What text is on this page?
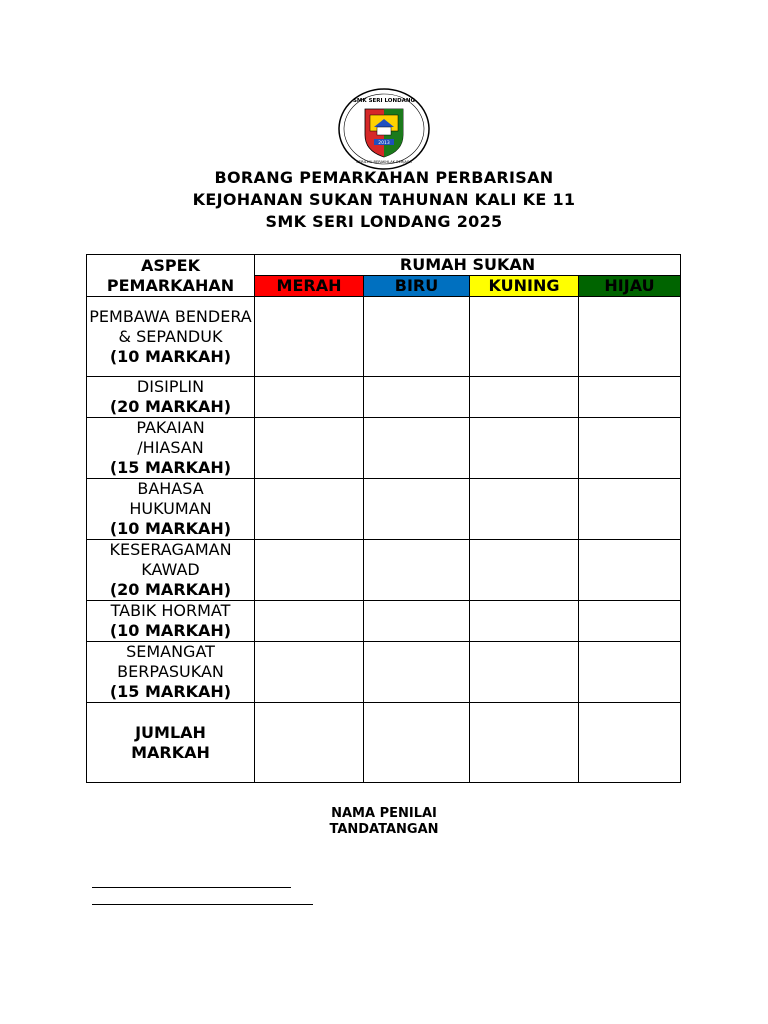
SMK SERI LONDANG
2013
BERILMU BERAKHLAK BERJASA
BORANG PEMARKAHAN PERBARISAN
KEJOHANAN SUKAN TAHUNAN KALI KE 11
SMK SERI LONDANG 2025
ASPEK PEMARKAHAN	RUMAH SUKAN			
	MERAH	BIRU	KUNING	HIJAU

PEMBAWA BENDERA & SEPANDUK
(10 MARKAH)				

DISIPLIN
(20 MARKAH)				

PAKAIAN /HIASAN
(15 MARKAH)				

BAHASA HUKUMAN
(10 MARKAH)				

KESERAGAMAN KAWAD
(20 MARKAH)				

TABIK HORMAT
(10 MARKAH)				

SEMANGAT BERPASUKAN
(15 MARKAH)				

JUMLAH MARKAH				

NAMA PENILAI
TANDATANGAN
